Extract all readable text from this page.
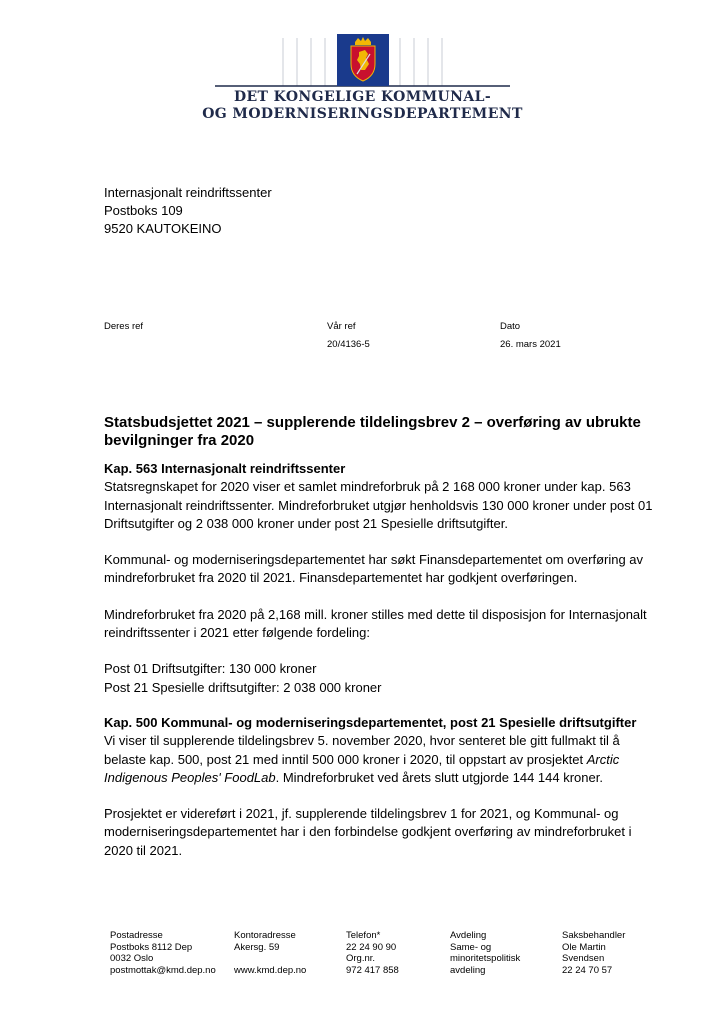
DET KONGELIGE KOMMUNAL-
OG MODERNISERINGSDEPARTEMENT
Internasjonalt reindriftssenter
Postboks 109
9520 KAUTOKEINO
Deres ref	Vår ref
20/4136-5
Dato
26. mars 2021
Statsbudsjettet 2021 – supplerende tildelingsbrev 2 – overføring av ubrukte bevilgninger fra 2020

Kap. 563 Internasjonalt reindriftssenter

Statsregnskapet for 2020 viser et samlet mindreforbruk på 2 168 000 kroner under kap. 563 Internasjonalt reindriftssenter. Mindreforbruket utgjør henholdsvis 130 000 kroner under post 01 Driftsutgifter og 2 038 000 kroner under post 21 Spesielle driftsutgifter.

Kommunal- og moderniseringsdepartementet har søkt Finansdepartementet om overføring av mindreforbruket fra 2020 til 2021. Finansdepartementet har godkjent overføringen.

Mindreforbruket fra 2020 på 2,168 mill. kroner stilles med dette til disposisjon for Internasjonalt reindriftssenter i 2021 etter følgende fordeling:

Post 01 Driftsutgifter: 130 000 kroner

Post 21 Spesielle driftsutgifter: 2 038 000 kroner

Kap. 500 Kommunal- og moderniseringsdepartementet, post 21 Spesielle driftsutgifter

Vi viser til supplerende tildelingsbrev 5. november 2020, hvor senteret ble gitt fullmakt til å belaste kap. 500, post 21 med inntil 500 000 kroner i 2020, til oppstart av prosjektet Arctic Indigenous Peoples' FoodLab. Mindreforbruket ved årets slutt utgjorde 144 144 kroner.

Prosjektet er videreført i 2021, jf. supplerende tildelingsbrev 1 for 2021, og Kommunal- og moderniseringsdepartementet har i den forbindelse godkjent overføring av mindreforbruket i 2020 til 2021.

Postadresse
Postboks 8112 Dep
0032 Oslo
postmottak@kmd.dep.no
Kontoradresse
Akersg. 59

www.kmd.dep.no
Telefon*
22 24 90 90
Org.nr.
972 417 858
Avdeling
Same- og
minoritetspolitisk
avdeling
Saksbehandler
Ole Martin
Svendsen
22 24 70 57
